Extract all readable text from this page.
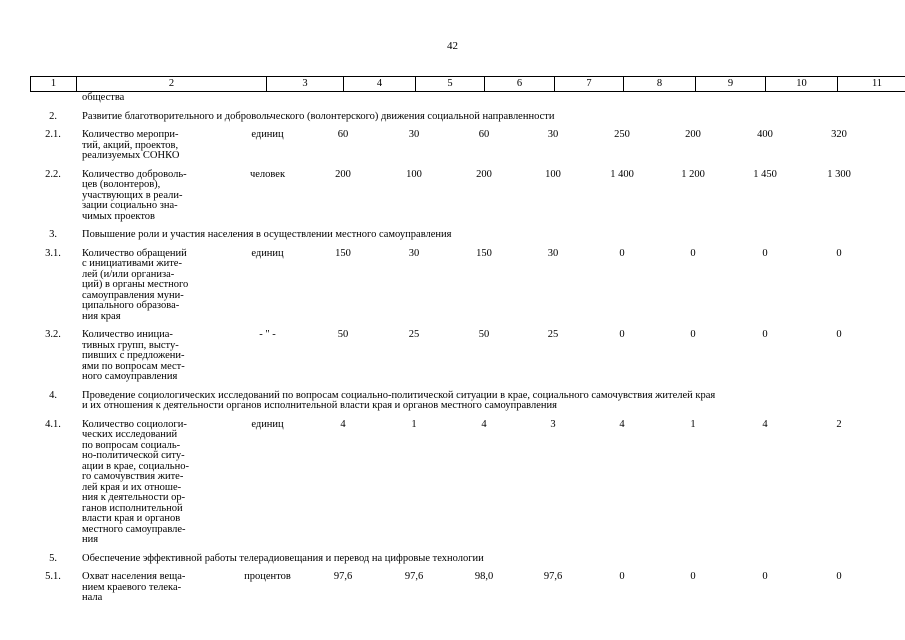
42
1	2	3	4	5	6	7	8	9	10	11
общества
2.	Развитие благотворительного и добровольческого (волонтерского) движения социальной направленности
2.1.	Количество меропри-
тий, акций, проектов,
реализуемых СОНКО
единиц	60	30	60	30	250	200	400	320
2.2.	Количество доброволь-
цев (волонтеров),
участвующих в реали-
зации социально зна-
чимых проектов
человек	200	100	200	100	1 400	1 200	1 450	1 300
3.	Повышение роли и участия населения в осуществлении местного самоуправления
3.1.	Количество обращений
с инициативами жите-
лей (и/или организа-
ций) в органы местного
самоуправления муни-
ципального образова-
ния края
единиц	150	30	150	30	0	0	0	0
3.2.	Количество инициа-
тивных групп, высту-
пивших с предложени-
ями по вопросам мест-
ного самоуправления
- " -	50	25	50	25	0	0	0	0
4.	Проведение социологических исследований по вопросам социально-политической ситуации в крае, социального самочувствия жителей края
и их отношения к деятельности органов исполнительной власти края и органов местного самоуправления
4.1.	Количество социологи-
ческих исследований
по вопросам социаль-
но-политической ситу-
ации в крае, социально-
го самочувствия жите-
лей края и их отноше-
ния к деятельности ор-
ганов исполнительной
власти края и органов
местного самоуправле-
ния
единиц	4	1	4	3	4	1	4	2
5.	Обеспечение эффективной работы телерадиовещания и перевод на цифровые технологии
5.1.	Охват населения веща-
нием краевого телека-
нала
процентов	97,6	97,6	98,0	97,6	0	0	0	0
